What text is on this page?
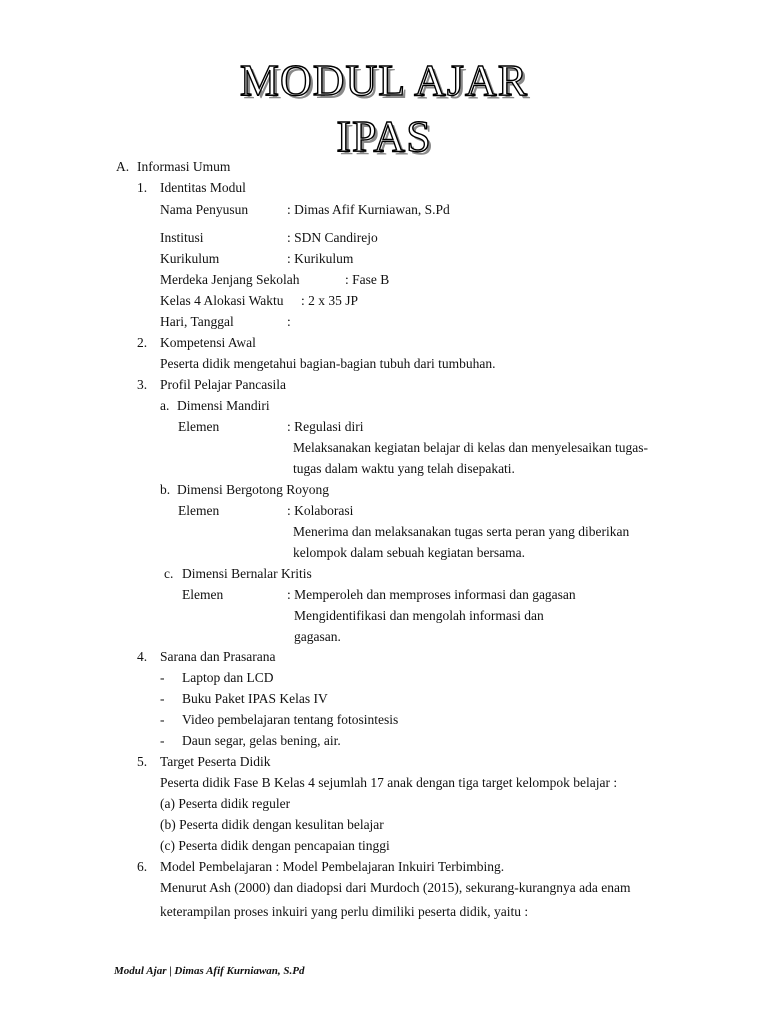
MODUL AJAR
IPAS
A. Informasi Umum
1. Identitas Modul
Nama Penyusun	: Dimas Afif Kurniawan, S.Pd
Institusi	: SDN Candirejo
Kurikulum	: Kurikulum
Merdeka Jenjang Sekolah	: Fase B
Kelas 4 Alokasi Waktu : 2 x 35 JP
Hari, Tanggal	:
2. Kompetensi Awal
Peserta didik mengetahui bagian-bagian tubuh dari tumbuhan.
3. Profil Pelajar Pancasila
a. Dimensi Mandiri
Elemen	: Regulasi diri
Melaksanakan kegiatan belajar di kelas dan menyelesaikan tugas-
tugas dalam waktu yang telah disepakati.
b. Dimensi Bergotong Royong
Elemen	: Kolaborasi
Menerima dan melaksanakan tugas serta peran yang diberikan
kelompok dalam sebuah kegiatan bersama.
c. Dimensi Bernalar Kritis
Elemen	: Memperoleh dan memproses informasi dan gagasan
Mengidentifikasi dan mengolah informasi dan
gagasan.
4. Sarana dan Prasarana
- Laptop dan LCD
- Buku Paket IPAS Kelas IV
- Video pembelajaran tentang fotosintesis
- Daun segar, gelas bening, air.
5. Target Peserta Didik
Peserta didik Fase B Kelas 4 sejumlah 17 anak dengan tiga target kelompok belajar :
(a) Peserta didik reguler
(b) Peserta didik dengan kesulitan belajar
(c) Peserta didik dengan pencapaian tinggi
6. Model Pembelajaran : Model Pembelajaran Inkuiri Terbimbing.
Menurut Ash (2000) dan diadopsi dari Murdoch (2015), sekurang-kurangnya ada enam
keterampilan proses inkuiri yang perlu dimiliki peserta didik, yaitu :
Modul Ajar | Dimas Afif Kurniawan, S.Pd
